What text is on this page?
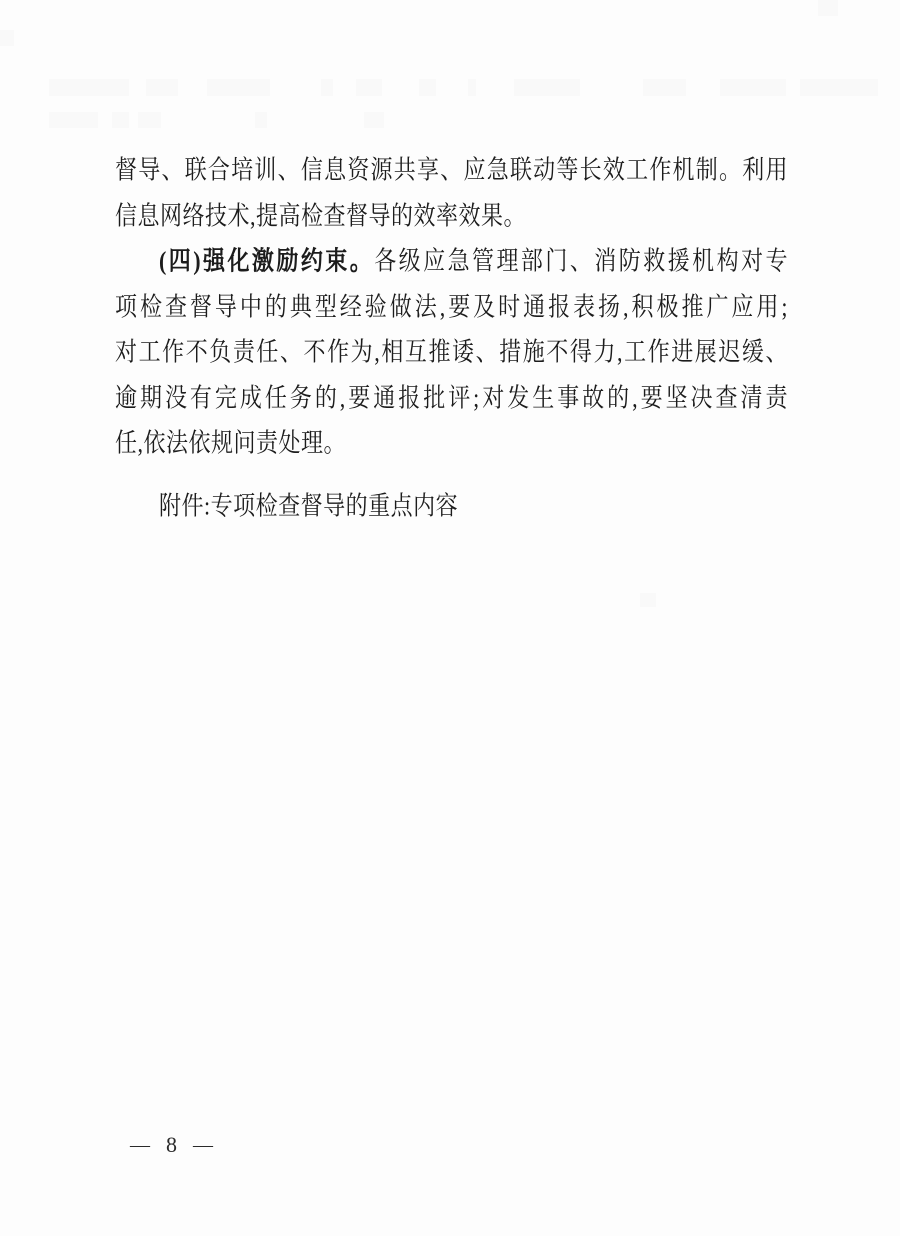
督导、联合培训、信息资源共享、应急联动等长效工作机制。利用
信息网络技术,提高检查督导的效率效果。
(四)强化激励约束。各级应急管理部门、消防救援机构对专
项检查督导中的典型经验做法,要及时通报表扬,积极推广应用;
对工作不负责任、不作为,相互推诿、措施不得力,工作进展迟缓、
逾期没有完成任务的,要通报批评;对发生事故的,要坚决查清责
任,依法依规问责处理。
附件:专项检查督导的重点内容
— 8 —
